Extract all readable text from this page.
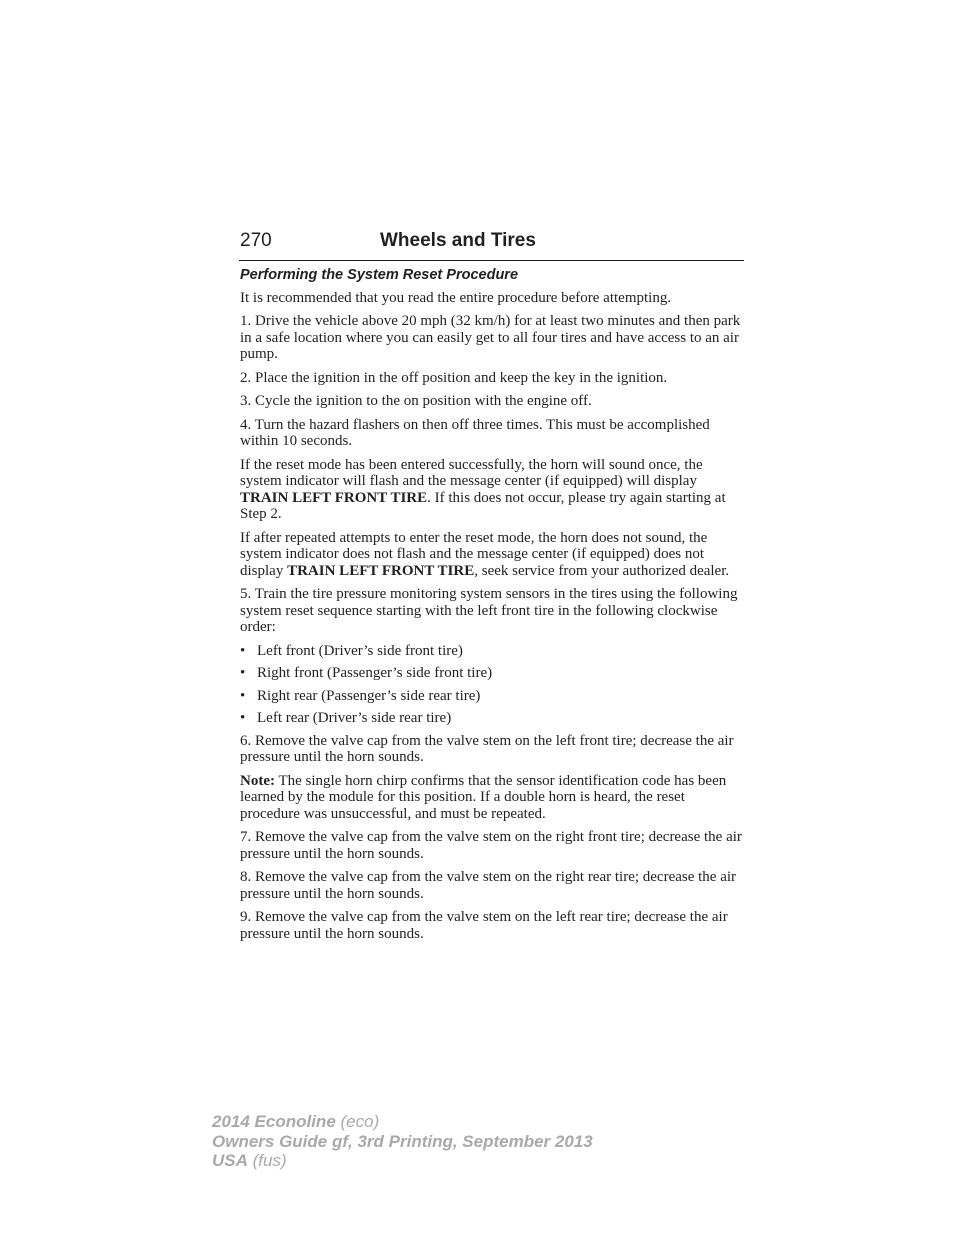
270	Wheels and Tires
Performing the System Reset Procedure
It is recommended that you read the entire procedure before attempting.
1. Drive the vehicle above 20 mph (32 km/h) for at least two minutes and then park in a safe location where you can easily get to all four tires and have access to an air pump.
2. Place the ignition in the off position and keep the key in the ignition.
3. Cycle the ignition to the on position with the engine off.
4. Turn the hazard flashers on then off three times. This must be accomplished within 10 seconds.
If the reset mode has been entered successfully, the horn will sound once, the system indicator will flash and the message center (if equipped) will display TRAIN LEFT FRONT TIRE. If this does not occur, please try again starting at Step 2.
If after repeated attempts to enter the reset mode, the horn does not sound, the system indicator does not flash and the message center (if equipped) does not display TRAIN LEFT FRONT TIRE, seek service from your authorized dealer.
5. Train the tire pressure monitoring system sensors in the tires using the following system reset sequence starting with the left front tire in the following clockwise order:
• Left front (Driver’s side front tire)
• Right front (Passenger’s side front tire)
• Right rear (Passenger’s side rear tire)
• Left rear (Driver’s side rear tire)
6. Remove the valve cap from the valve stem on the left front tire; decrease the air pressure until the horn sounds.
Note: The single horn chirp confirms that the sensor identification code has been learned by the module for this position. If a double horn is heard, the reset procedure was unsuccessful, and must be repeated.
7. Remove the valve cap from the valve stem on the right front tire; decrease the air pressure until the horn sounds.
8. Remove the valve cap from the valve stem on the right rear tire; decrease the air pressure until the horn sounds.
9. Remove the valve cap from the valve stem on the left rear tire; decrease the air pressure until the horn sounds.
2014 Econoline (eco)
Owners Guide gf, 3rd Printing, September 2013
USA (fus)
